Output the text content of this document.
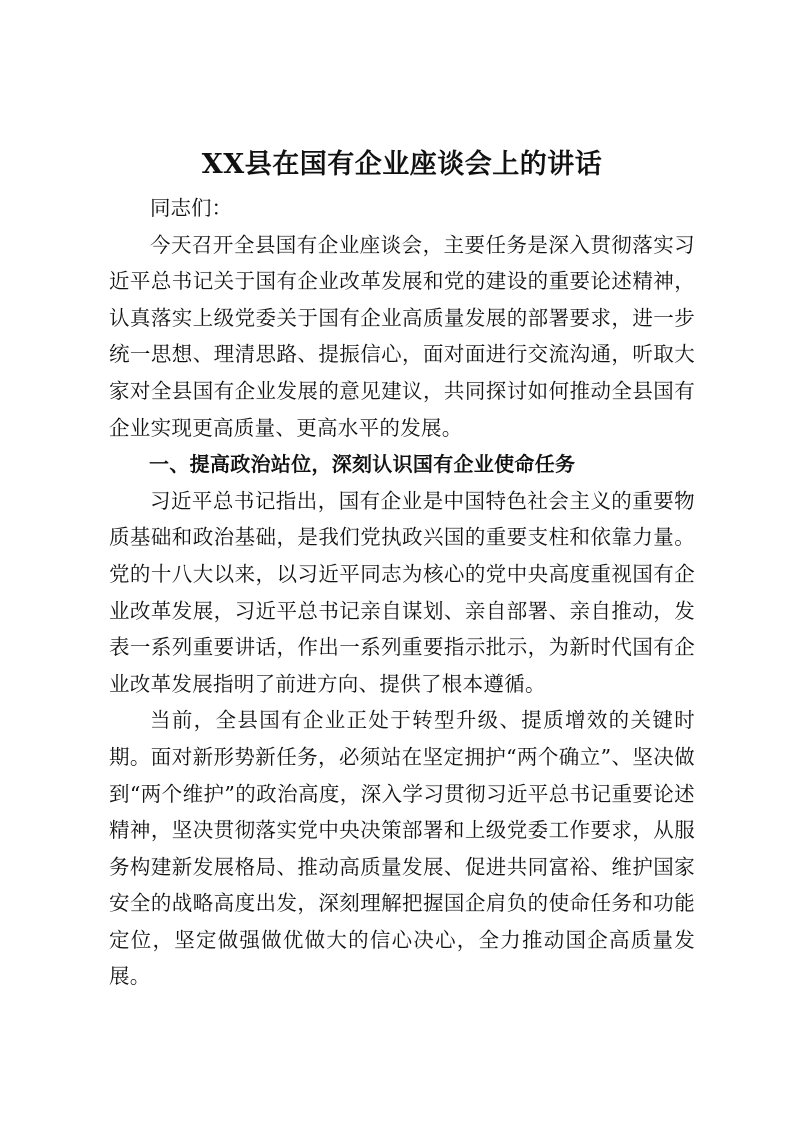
XX县在国有企业座谈会上的讲话

同志们：

今天召开全县国有企业座谈会，主要任务是深入贯彻落实习近平总书记关于国有企业改革发展和党的建设的重要论述精神，认真落实上级党委关于国有企业高质量发展的部署要求，进一步统一思想、理清思路、提振信心，面对面进行交流沟通，听取大家对全县国有企业发展的意见建议，共同探讨如何推动全县国有企业实现更高质量、更高水平的发展。

一、提高政治站位，深刻认识国有企业使命任务

习近平总书记指出，国有企业是中国特色社会主义的重要物质基础和政治基础，是我们党执政兴国的重要支柱和依靠力量。党的十八大以来，以习近平同志为核心的党中央高度重视国有企业改革发展，习近平总书记亲自谋划、亲自部署、亲自推动，发表一系列重要讲话，作出一系列重要指示批示，为新时代国有企业改革发展指明了前进方向、提供了根本遵循。

当前，全县国有企业正处于转型升级、提质增效的关键时期。面对新形势新任务，必须站在坚定拥护“两个确立”、坚决做到“两个维护”的政治高度，深入学习贯彻习近平总书记重要论述精神，坚决贯彻落实党中央决策部署和上级党委工作要求，从服务构建新发展格局、推动高质量发展、促进共同富裕、维护国家安全的战略高度出发，深刻理解把握国企肩负的使命任务和功能定位，坚定做强做优做大的信心决心，全力推动国企高质量发展。
